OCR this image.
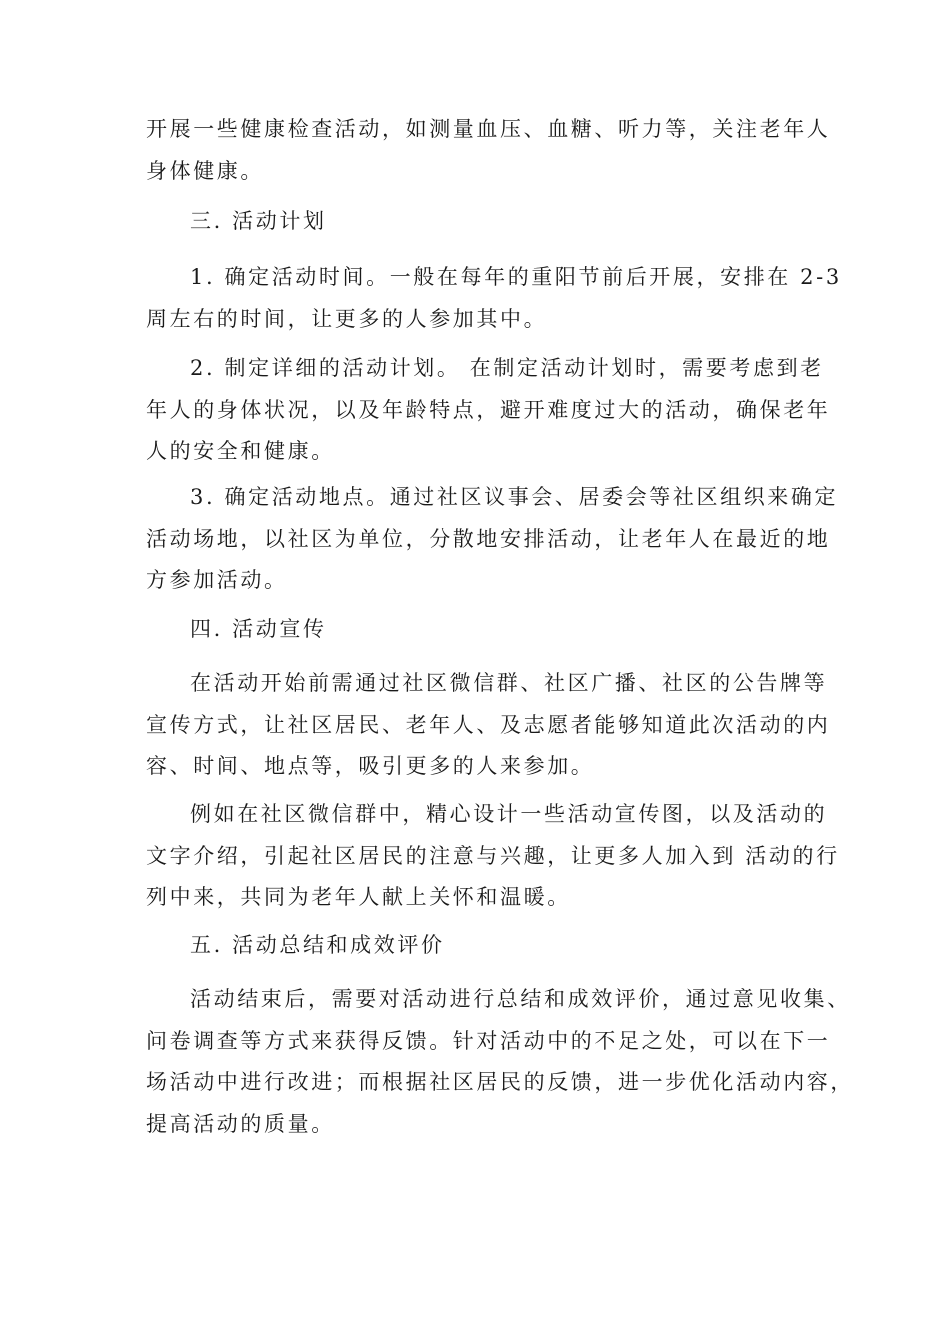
开展一些健康检查活动，如测量血压、血糖、听力等，关注老年人
身体健康。
三. 活动计划
1. 确定活动时间。一般在每年的重阳节前后开展，安排在 2-3
周左右的时间，让更多的人参加其中。
2. 制定详细的活动计划。 在制定活动计划时，需要考虑到老
年人的身体状况，以及年龄特点，避开难度过大的活动，确保老年
人的安全和健康。
3. 确定活动地点。通过社区议事会、居委会等社区组织来确定
活动场地，以社区为单位，分散地安排活动，让老年人在最近的地
方参加活动。
四. 活动宣传
在活动开始前需通过社区微信群、社区广播、社区的公告牌等
宣传方式，让社区居民、老年人、及志愿者能够知道此次活动的内
容、时间、地点等，吸引更多的人来参加。
例如在社区微信群中，精心设计一些活动宣传图，以及活动的
文字介绍，引起社区居民的注意与兴趣，让更多人加入到 活动的行
列中来，共同为老年人献上关怀和温暖。
五. 活动总结和成效评价
活动结束后，需要对活动进行总结和成效评价，通过意见收集、
问卷调查等方式来获得反馈。针对活动中的不足之处，可以在下一
场活动中进行改进；而根据社区居民的反馈，进一步优化活动内容，
提高活动的质量。
